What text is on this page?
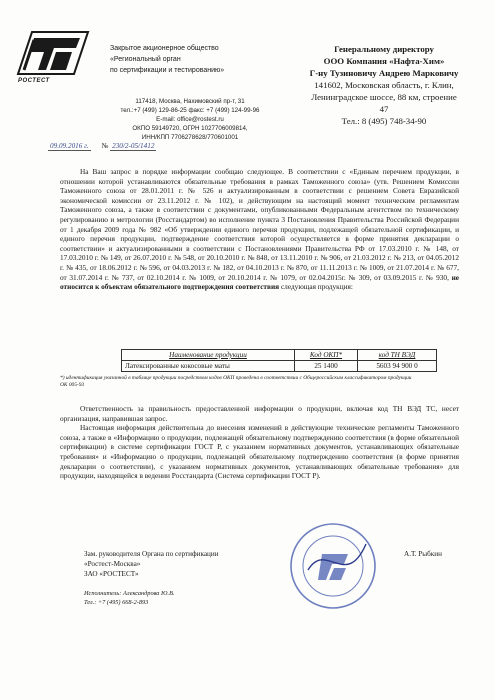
РОСТЕСТ
Закрытое акционерное общество
«Региональный орган
по сертификации и тестированию»
117418, Москва, Нахимовский пр-т, 31
тел.:+7 (499) 129-86-25 факс: +7 (499) 124-99-96
E-mail: office@rostest.ru
ОКПО 59149720, ОГРН 1027706009814,
ИНН/КПП 7706278628/770601001
09.09.2016 г. № 230/2-05/1412
Генеральному директору
ООО Компания «Нафта-Хим»
Г-ну Тузиновичу Андрею Марковичу
141602, Московская область, г. Клин,
Ленинградское шоссе, 88 км, строение
47
Тел.: 8 (495) 748-34-90

На Ваш запрос в порядке информации сообщаю следующее. В соответствии с «Единым перечнем продукции, в отношении которой устанавливаются обязательные требования в рамках Таможенного союза» (утв. Решением Комиссии Таможенного союза от 28.01.2011 г. № 526 и актуализированным в соответствии с решением Совета Евразийской экономической комиссии от 23.11.2012 г. № 102), и действующим на настоящий момент техническим регламентам Таможенного союза, а также в соответствии с документами, опубликованными Федеральным агентством по техническому регулированию и метрологии (Росстандартом) во исполнение пункта 3 Постановления Правительства Российской Федерации от 1 декабря 2009 года № 982 «Об утверждении единого перечня продукции, подлежащей обязательной сертификации, и единого перечня продукции, подтверждение соответствия которой осуществляется в форме принятия декларации о соответствии» и актуализированными в соответствии с Постановлениями Правительства РФ от 17.03.2010 г. № 148, от 17.03.2010 г. № 149, от 26.07.2010 г. № 548, от 20.10.2010 г. № 848, от 13.11.2010 г. № 906, от 21.03.2012 г. № 213, от 04.05.2012 г. № 435, от 18.06.2012 г. № 596, от 04.03.2013 г. № 182, от 04.10.2013 г. № 870, от 11.11.2013 г. № 1009, от 21.07.2014 г. № 677, от 31.07.2014 г. № 737, от 02.10.2014 г. № 1009, от 20.10.2014 г. № 1079, от 02.04.2015г. № 309, от 03.09.2015 г. № 930, не относится к объектам обязательного подтверждения соответствия следующая продукция:

Наименование продукции	Код ОКП*	код ТН ВЭД
Латексированные кокосовые маты	25 1400	5603 94 900 0
*) идентификация указанной в таблице продукции посредством кодов ОКП проведена в соответствии с Общероссийским классификатором продукции ОК 005-93

Ответственность за правильность предоставленной информации о продукции, включая код ТН ВЭД ТС, несет организация, направившая запрос.

Настоящая информация действительна до внесения изменений в действующие технические регламенты Таможенного союза, а также в «Информацию о продукции, подлежащей обязательному подтверждению соответствия (в форме обязательной сертификации) в системе сертификации ГОСТ Р, с указанием нормативных документов, устанавливающих обязательные требования» и «Информацию о продукции, подлежащей обязательному подтверждению соответствия (в форме принятия декларации о соответствии), с указанием нормативных документов, устанавливающих обязательные требования» для продукции, находящейся в ведении Росстандарта (Система сертификации ГОСТ Р).

Зам. руководителя Органа по сертификации
«Ростест-Москва»
ЗАО «РОСТЕСТ»
А.Т. Рыбкин
Исполнитель: Александрова Ю.В.
Тел.: +7 (495) 668-2-893
